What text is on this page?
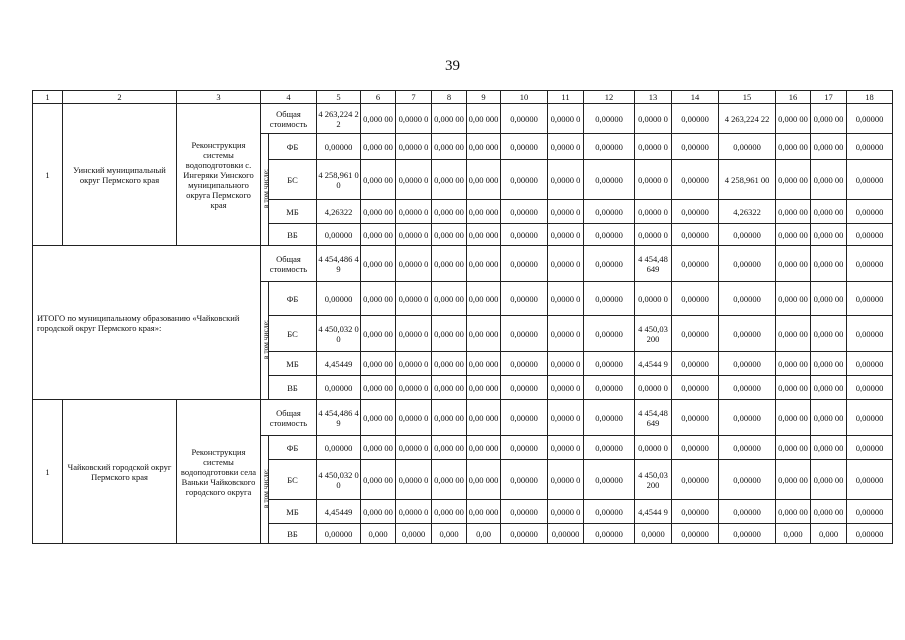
39
1	2	3	4		5	6	7	8	9	10	11	12	13	14	15	16	17	18
1	Уинский муниципальный округ Пермского края	Реконструкция системы водоподготовки с. Ингеряки Уинского муниципального округа Пермского края	Общая стоимость		4 263,224 22	0,000 00	0,0000 0	0,000 00	0,00 000	0,00000	0,0000 0	0,00000	0,0000 0	0,00000	4 263,224 22	0,000 00	0,000 00	0,00000
			в том числе:	ФБ	0,00000	0,000 00	0,0000 0	0,000 00	0,00 000	0,00000	0,0000 0	0,00000	0,0000 0	0,00000	0,00000	0,000 00	0,000 00	0,00000
				БС	4 258,961 00	0,000 00	0,0000 0	0,000 00	0,00 000	0,00000	0,0000 0	0,00000	0,0000 0	0,00000	4 258,961 00	0,000 00	0,000 00	0,00000
				МБ	4,26322	0,000 00	0,0000 0	0,000 00	0,00 000	0,00000	0,0000 0	0,00000	0,0000 0	0,00000	4,26322	0,000 00	0,000 00	0,00000
				ВБ	0,00000	0,000 00	0,0000 0	0,000 00	0,00 000	0,00000	0,0000 0	0,00000	0,0000 0	0,00000	0,00000	0,000 00	0,000 00	0,00000
ИТОГО по муниципальному образованию «Чайковский городской округ Пермского края»:			Общая стоимость		4 454,486 49	0,000 00	0,0000 0	0,000 00	0,00 000	0,00000	0,0000 0	0,00000	4 454,48 649	0,00000	0,00000	0,000 00	0,000 00	0,00000
			в том числе:	ФБ	0,00000	0,000 00	0,0000 0	0,000 00	0,00 000	0,00000	0,0000 0	0,00000	0,0000 0	0,00000	0,00000	0,000 00	0,000 00	0,00000
				БС	4 450,032 00	0,000 00	0,0000 0	0,000 00	0,00 000	0,00000	0,0000 0	0,00000	4 450,03 200	0,00000	0,00000	0,000 00	0,000 00	0,00000
				МБ	4,45449	0,000 00	0,0000 0	0,000 00	0,00 000	0,00000	0,0000 0	0,00000	4,4544 9	0,00000	0,00000	0,000 00	0,000 00	0,00000
				ВБ	0,00000	0,000 00	0,0000 0	0,000 00	0,00 000	0,00000	0,0000 0	0,00000	0,0000 0	0,00000	0,00000	0,000 00	0,000 00	0,00000
1	Чайковский городской округ Пермского края	Реконструкция системы водоподготовки села Ваньки Чайковского городского округа	Общая стоимость		4 454,486 49	0,000 00	0,0000 0	0,000 00	0,00 000	0,00000	0,0000 0	0,00000	4 454,48 649	0,00000	0,00000	0,000 00	0,000 00	0,00000
			в том числе:	ФБ	0,00000	0,000 00	0,0000 0	0,000 00	0,00 000	0,00000	0,0000 0	0,00000	0,0000 0	0,00000	0,00000	0,000 00	0,000 00	0,00000
				БС	4 450,032 00	0,000 00	0,0000 0	0,000 00	0,00 000	0,00000	0,0000 0	0,00000	4 450,03 200	0,00000	0,00000	0,000 00	0,000 00	0,00000
				МБ	4,45449	0,000 00	0,0000 0	0,000 00	0,00 000	0,00000	0,0000 0	0,00000	4,4544 9	0,00000	0,00000	0,000 00	0,000 00	0,00000
				ВБ	0,00000	0,000	0,0000	0,000	0,00	0,00000	0,00000	0,00000	0,0000	0,00000	0,00000	0,000	0,000	0,00000
